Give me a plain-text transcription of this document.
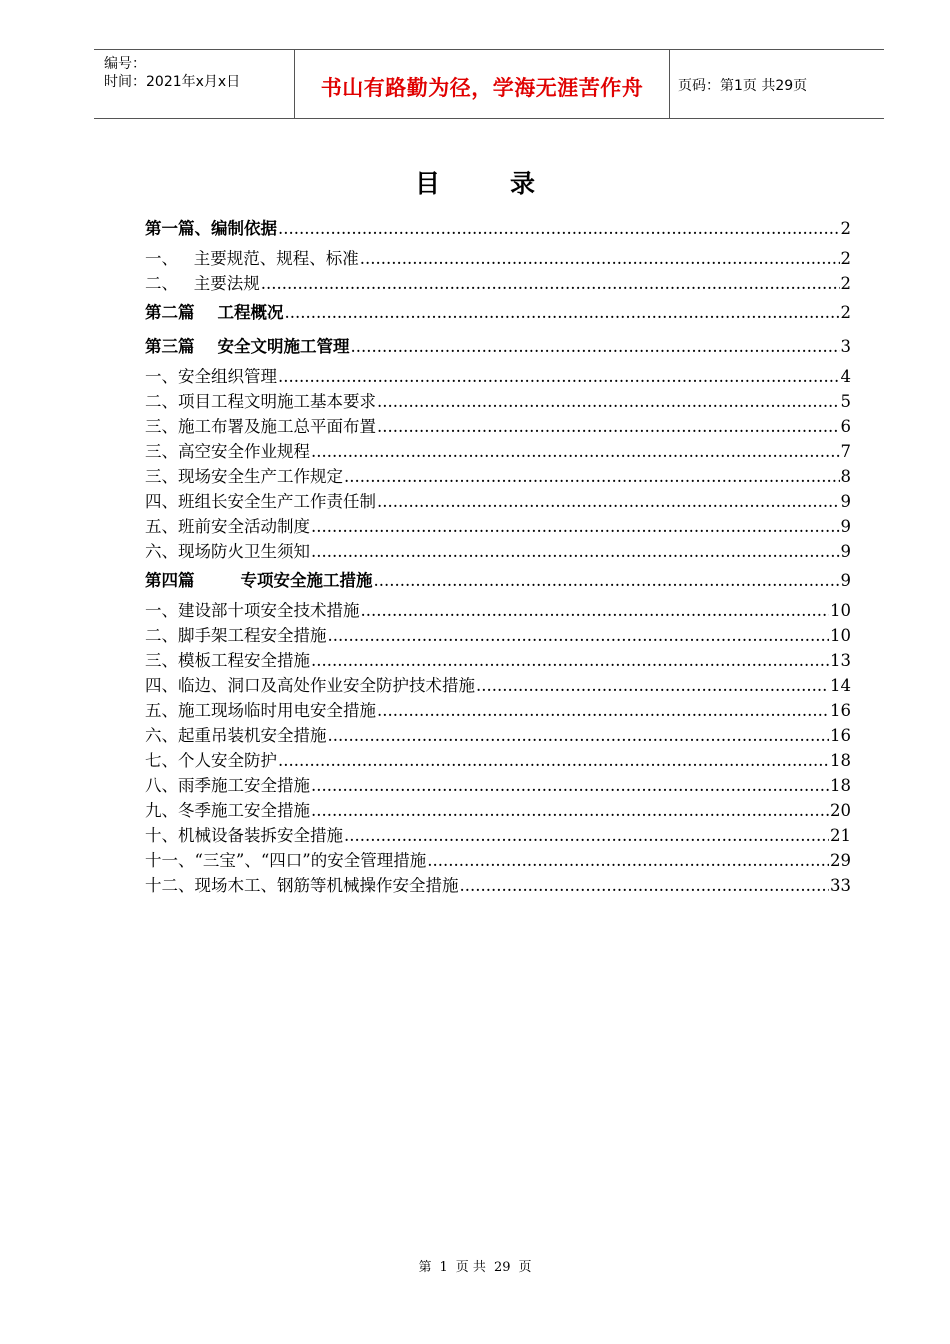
编号：
时间：2021年x月x日	书山有路勤为径，学海无涯苦作舟	页码：第1页 共29页
目	录
第一篇、编制依据 .....	2
一、   主要规范、规程、标准 .....	2
二、   主要法规 .....	2
第二篇    工程概况 .....	2
第三篇    安全文明施工管理 .....	3
一、安全组织管理 .....	4
二、项目工程文明施工基本要求 .....	5
三、施工布署及施工总平面布置 .....	6
三、高空安全作业规程 .....	7
三、现场安全生产工作规定 .....	8
四、班组长安全生产工作责任制 .....	9
五、班前安全活动制度 .....	9
六、现场防火卫生须知 .....	9
第四篇        专项安全施工措施 .....	9
一、建设部十项安全技术措施 .....	10
二、脚手架工程安全措施 .....	10
三、模板工程安全措施 .....	13
四、临边、洞口及高处作业安全防护技术措施 .....	14
五、施工现场临时用电安全措施 .....	16
六、起重吊装机安全措施 .....	16
七、个人安全防护 .....	18
八、雨季施工安全措施 .....	18
九、冬季施工安全措施 .....	20
十、机械设备装拆安全措施 .....	21
十一、“三宝”、“四口”的安全管理措施 .....	29
十二、现场木工、钢筋等机械操作安全措施 .....	33
第 1 页 共 29 页
